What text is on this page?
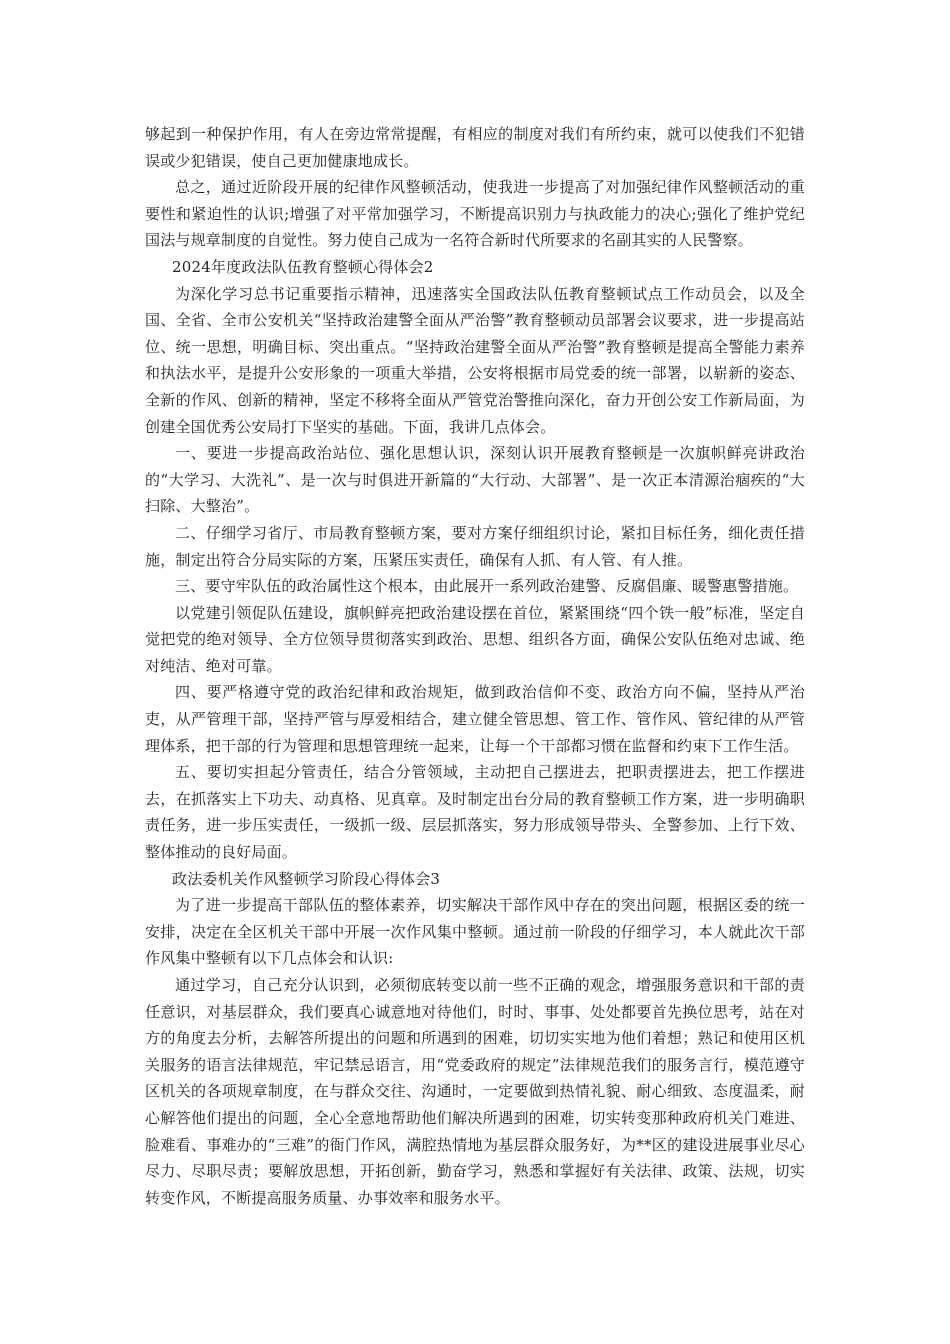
够起到一种保护作用，有人在旁边常常提醒，有相应的制度对我们有所约束，就可以使我们不犯错误或少犯错误，使自己更加健康地成长。

总之，通过近阶段开展的纪律作风整顿活动，使我进一步提高了对加强纪律作风整顿活动的重要性和紧迫性的认识;增强了对平常加强学习，不断提高识别力与执政能力的决心;强化了维护党纪国法与规章制度的自觉性。努力使自己成为一名符合新时代所要求的名副其实的人民警察。

2024年度政法队伍教育整顿心得体会2

为深化学习总书记重要指示精神，迅速落实全国政法队伍教育整顿试点工作动员会，以及全国、全省、全市公安机关“坚持政治建警全面从严治警”教育整顿动员部署会议要求，进一步提高站位、统一思想，明确目标、突出重点。“坚持政治建警全面从严治警”教育整顿是提高全警能力素养和执法水平，是提升公安形象的一项重大举措，公安将根据市局党委的统一部署，以崭新的姿态、全新的作风、创新的精神，坚定不移将全面从严管党治警推向深化，奋力开创公安工作新局面，为创建全国优秀公安局打下坚实的基础。下面，我讲几点体会。

一、要进一步提高政治站位、强化思想认识，深刻认识开展教育整顿是一次旗帜鲜亮讲政治的“大学习、大洗礼”、是一次与时俱进开新篇的“大行动、大部署”、是一次正本清源治痼疾的“大扫除、大整治”。

二、仔细学习省厅、市局教育整顿方案，要对方案仔细组织讨论，紧扣目标任务，细化责任措施，制定出符合分局实际的方案，压紧压实责任，确保有人抓、有人管、有人推。

三、要守牢队伍的政治属性这个根本，由此展开一系列政治建警、反腐倡廉、暖警惠警措施。

以党建引领促队伍建设，旗帜鲜亮把政治建设摆在首位，紧紧围绕“四个铁一般”标准，坚定自觉把党的绝对领导、全方位领导贯彻落实到政治、思想、组织各方面，确保公安队伍绝对忠诚、绝对纯洁、绝对可靠。

四、要严格遵守党的政治纪律和政治规矩，做到政治信仰不变、政治方向不偏，坚持从严治吏，从严管理干部，坚持严管与厚爱相结合，建立健全管思想、管工作、管作风、管纪律的从严管理体系，把干部的行为管理和思想管理统一起来，让每一个干部都习惯在监督和约束下工作生活。

五、要切实担起分管责任，结合分管领域，主动把自己摆进去，把职责摆进去，把工作摆进去，在抓落实上下功夫、动真格、见真章。及时制定出台分局的教育整顿工作方案，进一步明确职责任务，进一步压实责任，一级抓一级、层层抓落实，努力形成领导带头、全警参加、上行下效、整体推动的良好局面。

政法委机关作风整顿学习阶段心得体会3

为了进一步提高干部队伍的整体素养，切实解决干部作风中存在的突出问题，根据区委的统一安排，决定在全区机关干部中开展一次作风集中整顿。通过前一阶段的仔细学习，本人就此次干部作风集中整顿有以下几点体会和认识:

通过学习，自己充分认识到，必须彻底转变以前一些不正确的观念，增强服务意识和干部的责任意识，对基层群众，我们要真心诚意地对待他们，时时、事事、处处都要首先换位思考，站在对方的角度去分析，去解答所提出的问题和所遇到的困难，切切实实地为他们着想；熟记和使用区机关服务的语言法律规范，牢记禁忌语言，用“党委政府的规定”法律规范我们的服务言行，模范遵守区机关的各项规章制度，在与群众交往、沟通时，一定要做到热情礼貌、耐心细致、态度温柔，耐心解答他们提出的问题，全心全意地帮助他们解决所遇到的困难，切实转变那种政府机关门难进、脸难看、事难办的“三难”的衙门作风，满腔热情地为基层群众服务好，为**区的建设进展事业尽心尽力、尽职尽责；要解放思想，开拓创新，勤奋学习，熟悉和掌握好有关法律、政策、法规，切实转变作风，不断提高服务质量、办事效率和服务水平。
